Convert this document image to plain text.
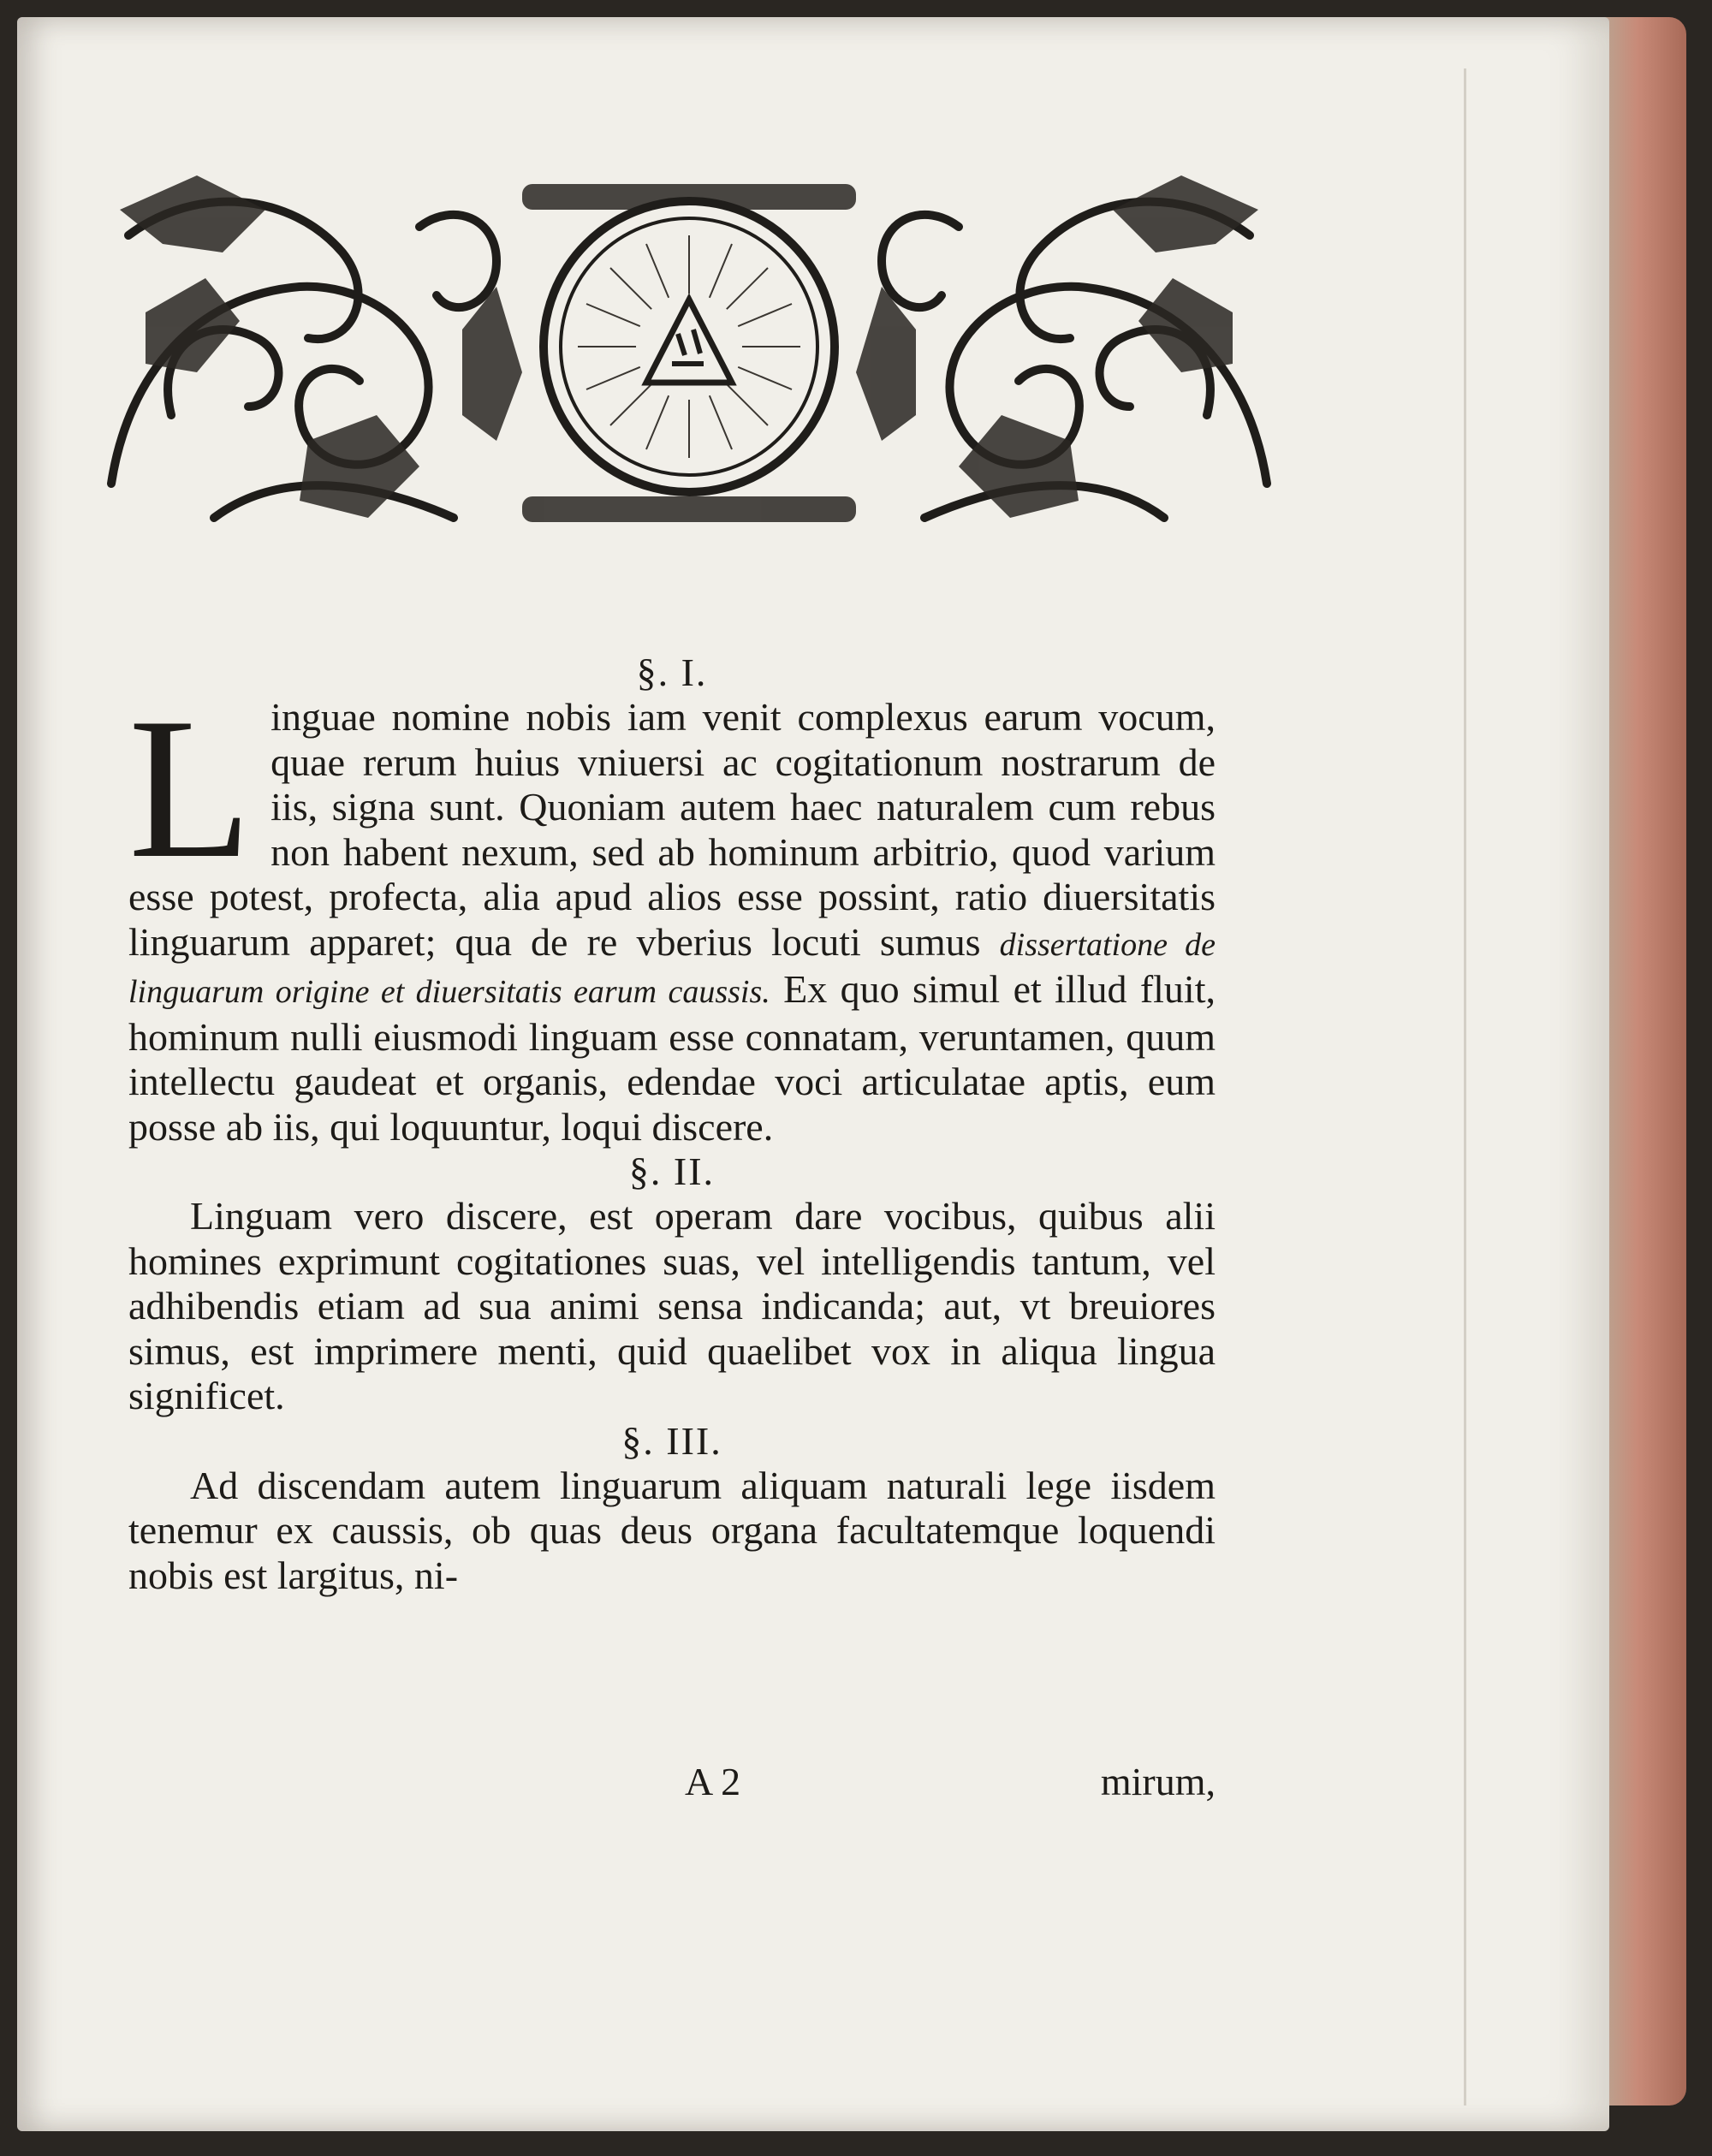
§. I.

Linguae nomine nobis iam venit complexus earum vocum, quae rerum huius vniuersi ac cogitationum nostrarum de iis, signa sunt. Quoniam autem haec naturalem cum rebus non habent nexum, sed ab hominum arbitrio, quod varium esse potest, profecta, alia apud alios esse possint, ratio diuersitatis linguarum apparet; qua de re vberius locuti sumus dissertatione de linguarum origine et diuersitatis earum caussis. Ex quo simul et illud fluit, hominum nulli eiusmodi linguam esse connatam, veruntamen, quum intellectu gaudeat et organis, edendae voci articulatae aptis, eum posse ab iis, qui loquuntur, loqui discere.

§. II.

Linguam vero discere, est operam dare vocibus, quibus alii homines exprimunt cogitationes suas, vel intelligendis tantum, vel adhibendis etiam ad sua animi sensa indicanda; aut, vt breuiores simus, est imprimere menti, quid quaelibet vox in aliqua lingua significet.

§. III.

Ad discendam autem linguarum aliquam naturali lege iisdem tenemur ex caussis, ob quas deus organa facultatemque loquendi nobis est largitus, ni-

A 2	mirum,
